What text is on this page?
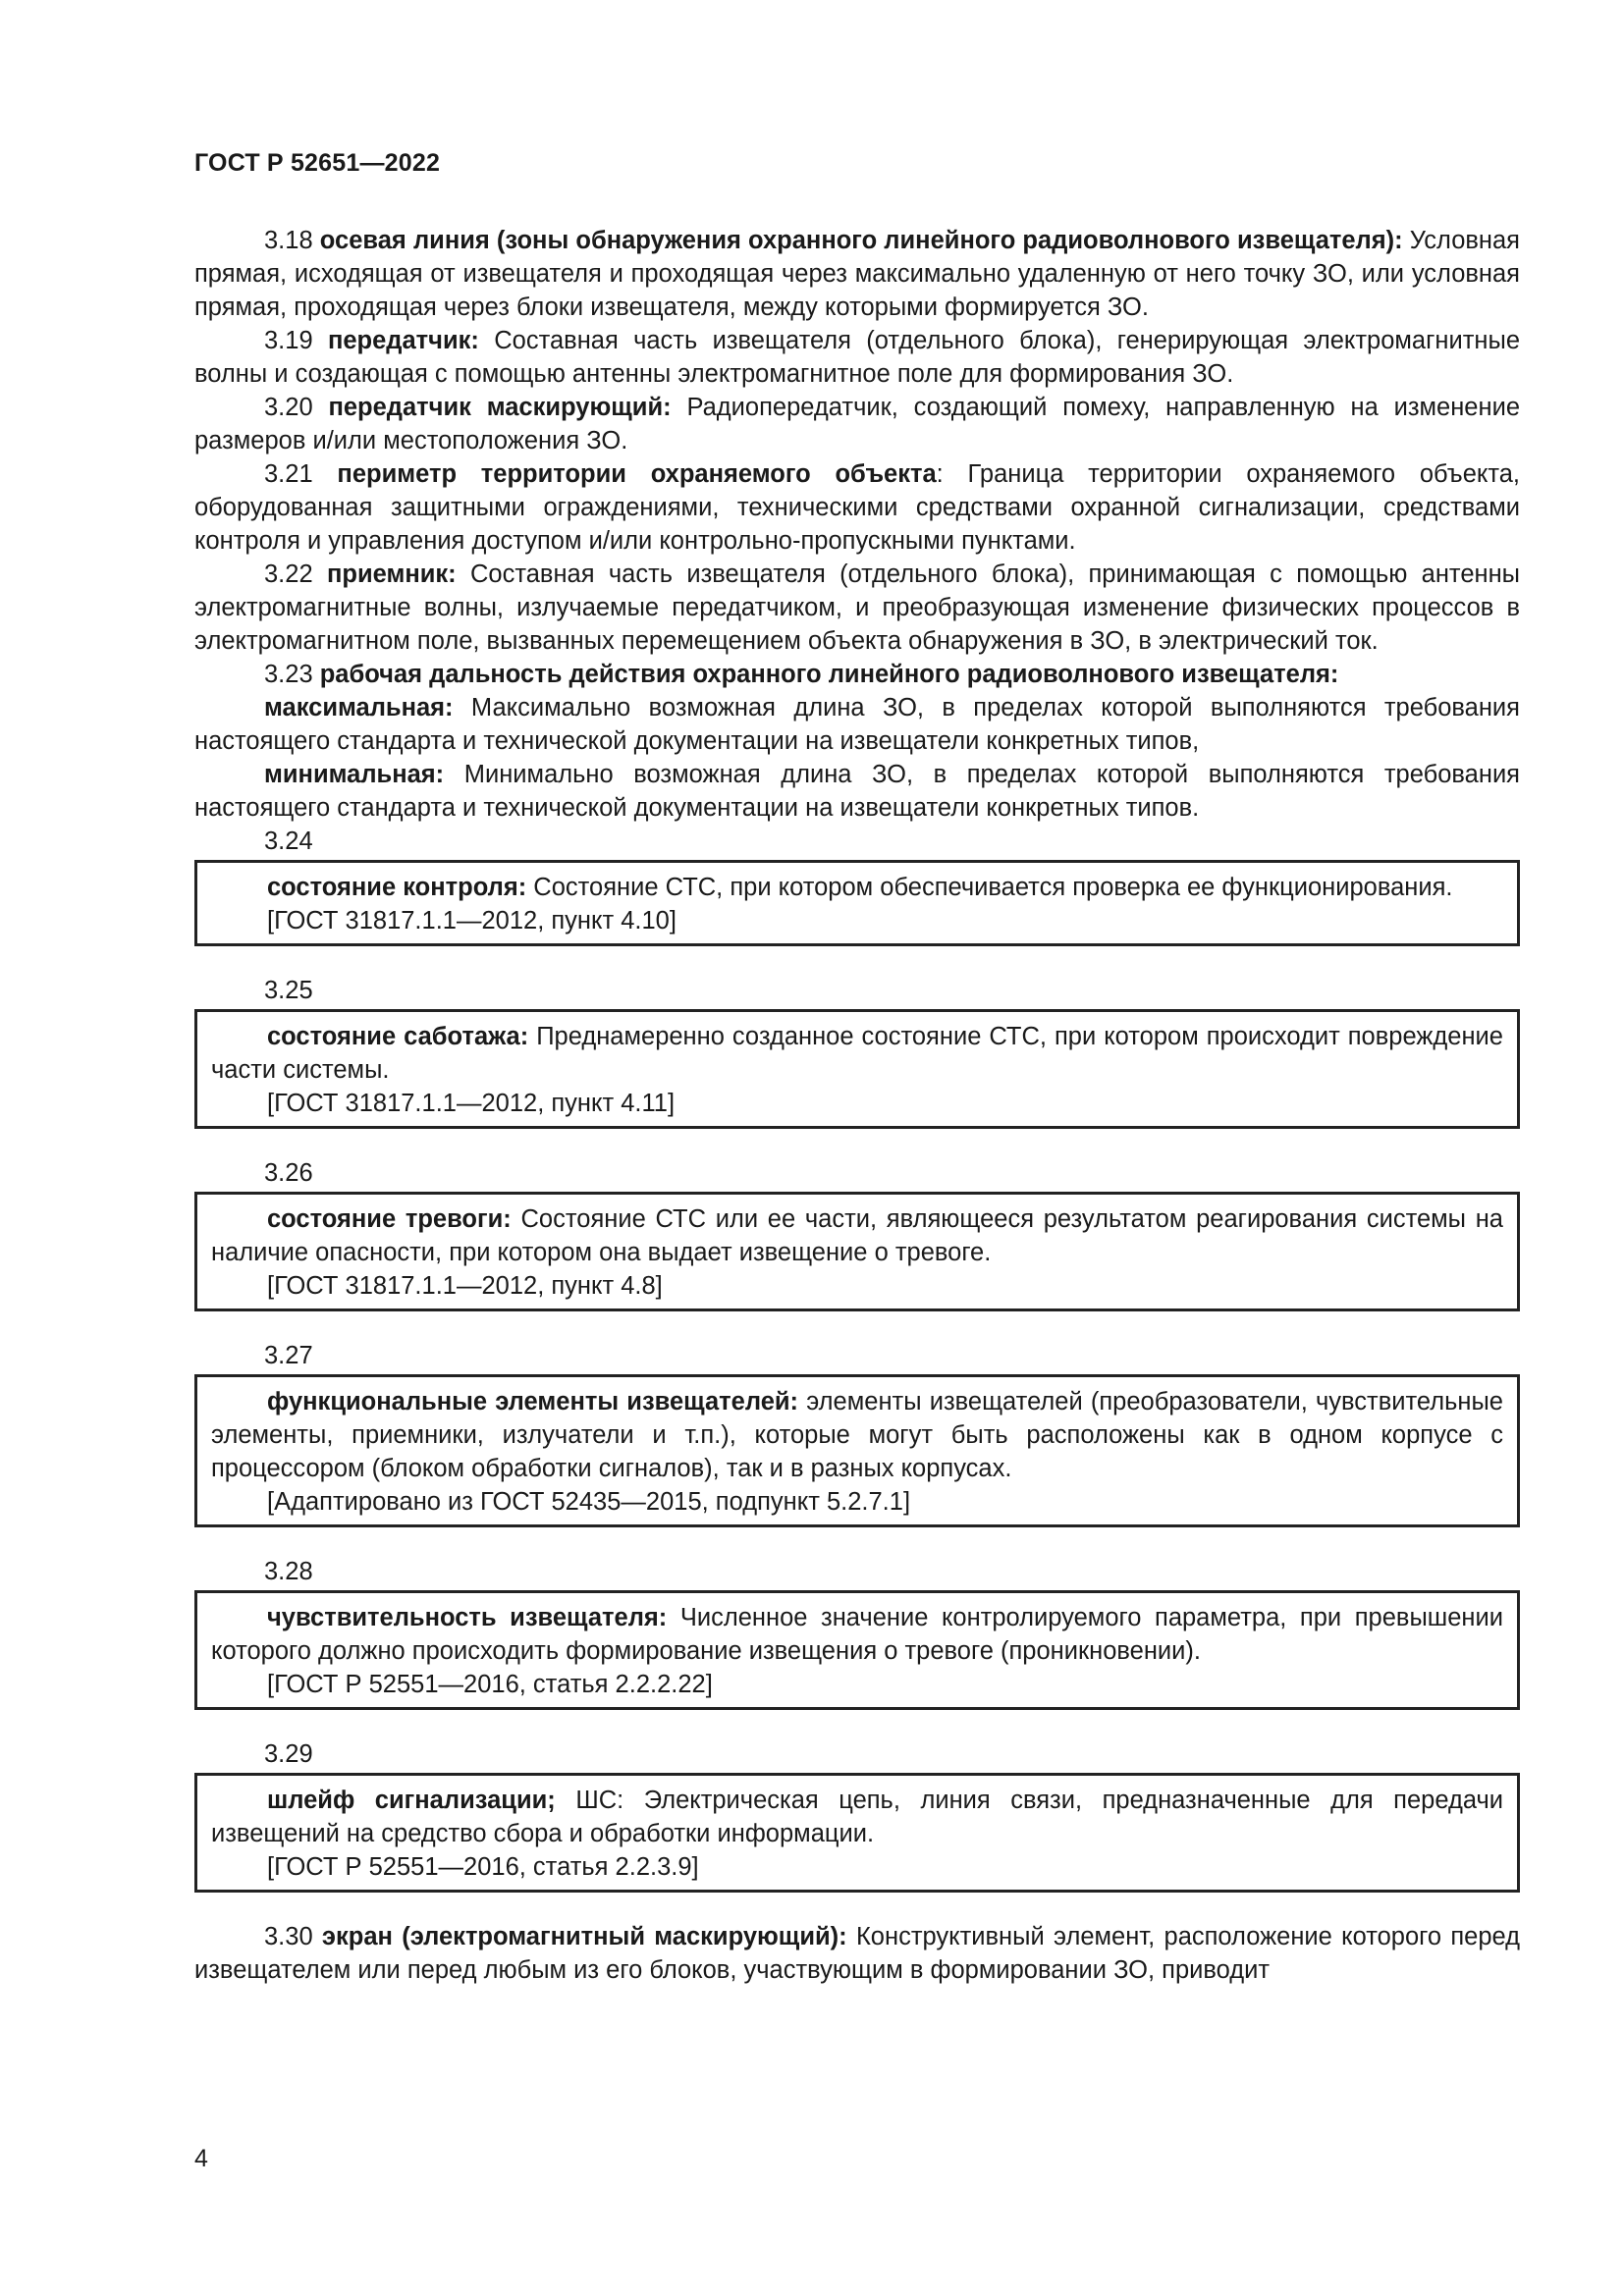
ГОСТ Р 52651—2022

3.18 осевая линия (зоны обнаружения охранного линейного радиоволнового извещателя): Условная прямая, исходящая от извещателя и проходящая через максимально удаленную от него точку ЗО, или условная прямая, проходящая через блоки извещателя, между которыми формируется ЗО.

3.19 передатчик: Составная часть извещателя (отдельного блока), генерирующая электромагнитные волны и создающая с помощью антенны электромагнитное поле для формирования ЗО.

3.20 передатчик маскирующий: Радиопередатчик, создающий помеху, направленную на изменение размеров и/или местоположения ЗО.

3.21 периметр территории охраняемого объекта: Граница территории охраняемого объекта, оборудованная защитными ограждениями, техническими средствами охранной сигнализации, средствами контроля и управления доступом и/или контрольно-пропускными пунктами.

3.22 приемник: Составная часть извещателя (отдельного блока), принимающая с помощью антенны электромагнитные волны, излучаемые передатчиком, и преобразующая изменение физических процессов в электромагнитном поле, вызванных перемещением объекта обнаружения в ЗО, в электрический ток.

3.23 рабочая дальность действия охранного линейного радиоволнового извещателя:

максимальная: Максимально возможная длина ЗО, в пределах которой выполняются требования настоящего стандарта и технической документации на извещатели конкретных типов,

минимальная: Минимально возможная длина ЗО, в пределах которой выполняются требования настоящего стандарта и технической документации на извещатели конкретных типов.

3.24

состояние контроля: Состояние СТС, при котором обеспечивается проверка ее функционирования.

[ГОСТ 31817.1.1—2012, пункт 4.10]

3.25

состояние саботажа: Преднамеренно созданное состояние СТС, при котором происходит повреждение части системы.

[ГОСТ 31817.1.1—2012, пункт 4.11]

3.26

состояние тревоги: Состояние СТС или ее части, являющееся результатом реагирования системы на наличие опасности, при котором она выдает извещение о тревоге.

[ГОСТ 31817.1.1—2012, пункт 4.8]

3.27

функциональные элементы извещателей: элементы извещателей (преобразователи, чувствительные элементы, приемники, излучатели и т.п.), которые могут быть расположены как в одном корпусе с процессором (блоком обработки сигналов), так и в разных корпусах.

[Адаптировано из ГОСТ 52435—2015, подпункт 5.2.7.1]

3.28

чувствительность извещателя: Численное значение контролируемого параметра, при превышении которого должно происходить формирование извещения о тревоге (проникновении).

[ГОСТ Р 52551—2016, статья 2.2.2.22]

3.29

шлейф сигнализации; ШС: Электрическая цепь, линия связи, предназначенные для передачи извещений на средство сбора и обработки информации.

[ГОСТ Р 52551—2016, статья 2.2.3.9]

3.30 экран (электромагнитный маскирующий): Конструктивный элемент, расположение которого перед извещателем или перед любым из его блоков, участвующим в формировании ЗО, приводит

4
